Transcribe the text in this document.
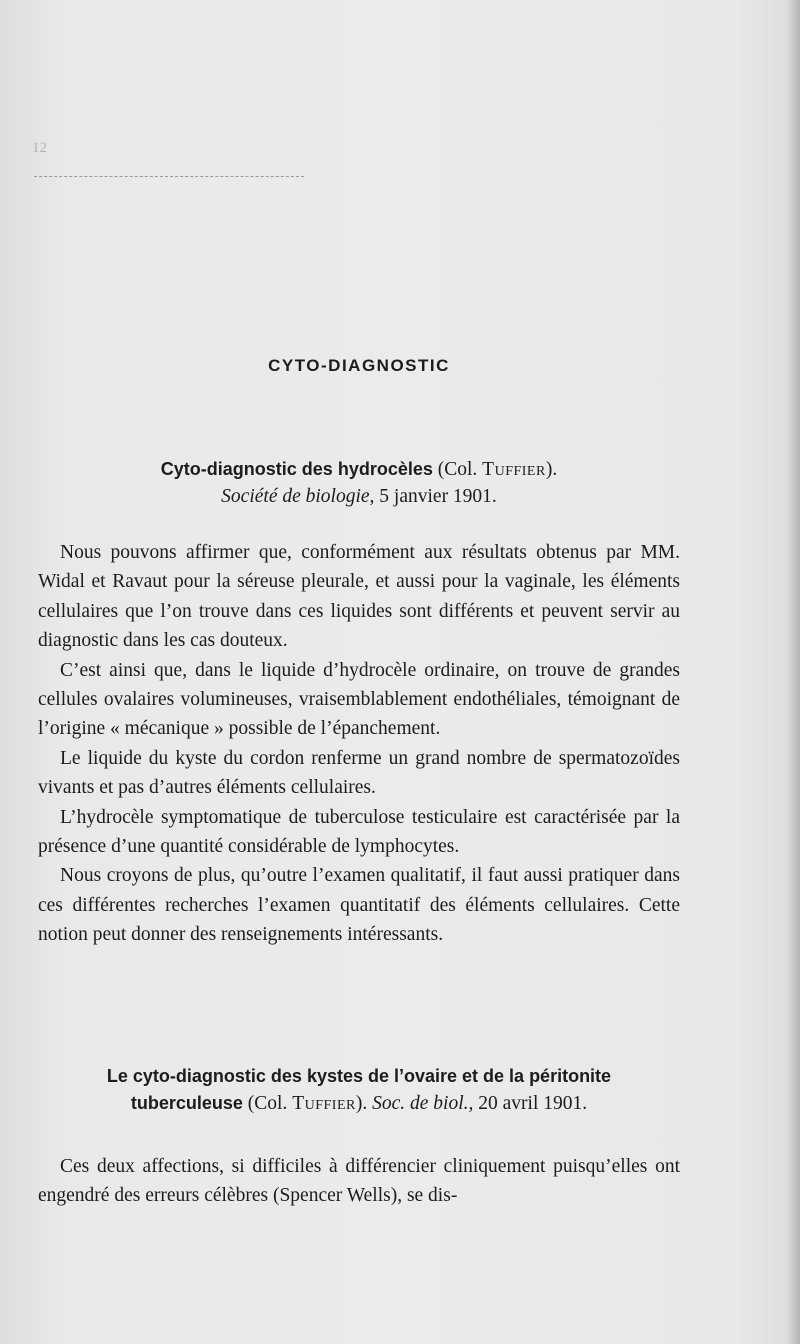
12
CYTO-DIAGNOSTIC
Cyto-diagnostic des hydrocèles (Col. Tuffier).
Société de biologie, 5 janvier 1901.

Nous pouvons affirmer que, conformément aux résultats obtenus par MM. Widal et Ravaut pour la séreuse pleurale, et aussi pour la vaginale, les éléments cellulaires que l’on trouve dans ces liquides sont différents et peuvent servir au diagnostic dans les cas douteux.

C’est ainsi que, dans le liquide d’hydrocèle ordinaire, on trouve de grandes cellules ovalaires volumineuses, vraisemblablement endothéliales, témoignant de l’origine « mécanique » possible de l’épanchement.

Le liquide du kyste du cordon renferme un grand nombre de spermatozoïdes vivants et pas d’autres éléments cellulaires.

L’hydrocèle symptomatique de tuberculose testiculaire est caractérisée par la présence d’une quantité considérable de lymphocytes.

Nous croyons de plus, qu’outre l’examen qualitatif, il faut aussi pratiquer dans ces différentes recherches l’examen quantitatif des éléments cellulaires. Cette notion peut donner des renseignements intéressants.

Le cyto-diagnostic des kystes de l’ovaire et de la péritonite
tuberculeuse (Col. Tuffier). Soc. de biol., 20 avril 1901.

Ces deux affections, si difficiles à différencier cliniquement puisqu’elles ont engendré des erreurs célèbres (Spencer Wells), se dis-
